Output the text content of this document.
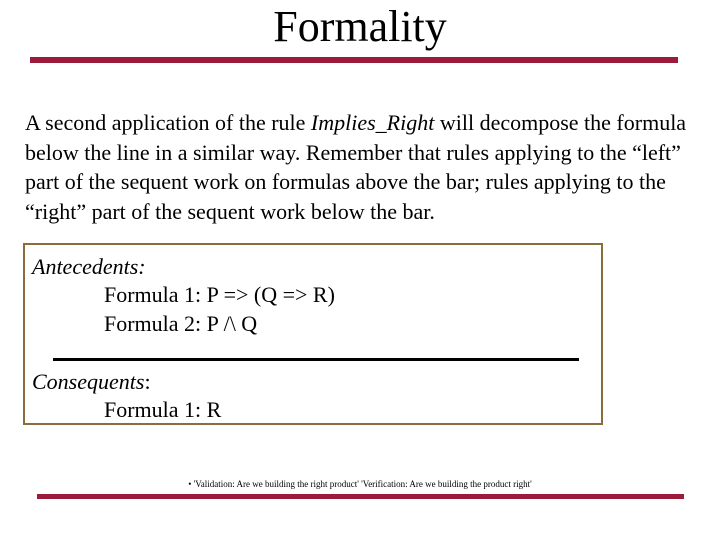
Formality
A second application of the rule Implies_Right will decompose the formula below the line in a similar way. Remember that rules applying to the “left” part of the sequent work on formulas above the bar; rules applying to the “right” part of the sequent work below the bar.
Antecedents:
Formula 1: P => (Q => R)
Formula 2: P /\ Q
Consequents:
Formula 1: R
• 'Validation: Are we building the right product' 'Verification: Are we building the product right'
